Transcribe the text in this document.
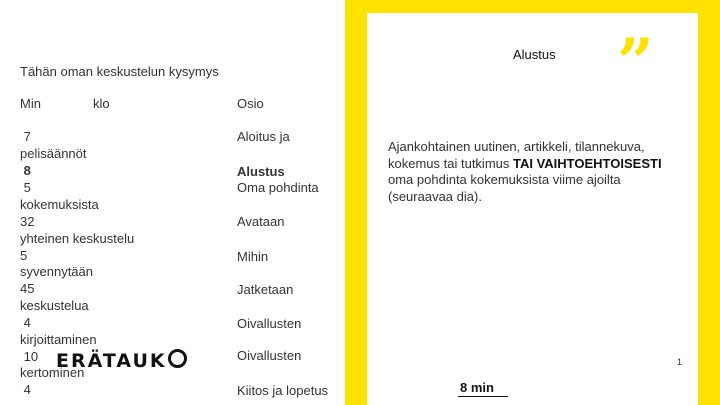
Tähän oman keskustelun kysymys
Min	klo	Osio
7
pelisäännöt
8
5
kokemuksista
32
yhteinen keskustelu
5
syvennytään
45
keskustelua
4
kirjoittaminen
10
kertominen
4
Aloitus ja
Alustus
Oma pohdinta
Avataan
Mihin
Jatketaan
Oivallusten
Oivallusten
Kiitos ja lopetus
ERÄTAUK
Alustus ”
Ajankohtainen uutinen, artikkeli, tilannekuva, kokemus tai tutkimus TAI VAIHTOEHTOISESTI oma pohdinta kokemuksista viime ajoilta (seuraavaa dia).
1
8 min
